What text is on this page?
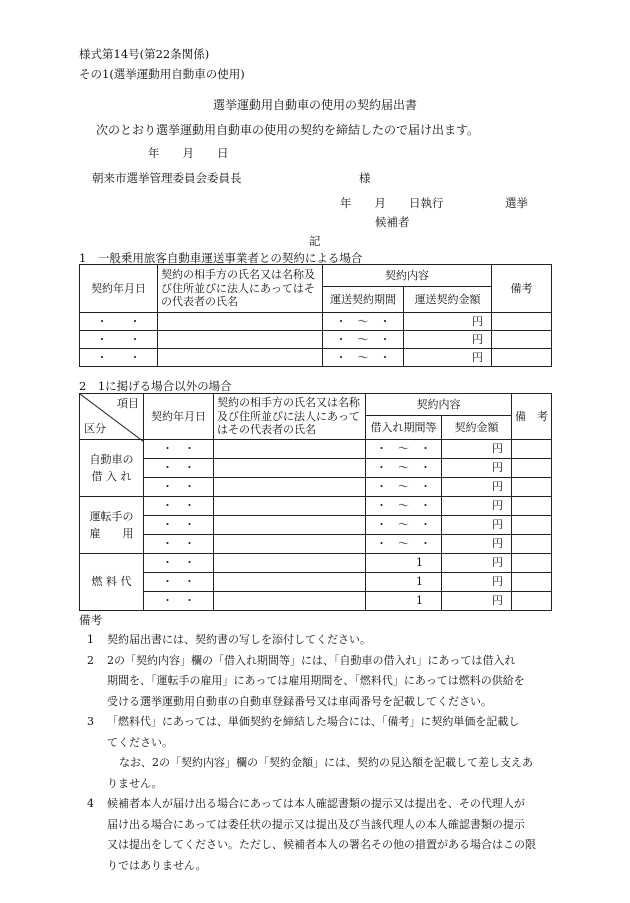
様式第14号(第22条関係)
その1(選挙運動用自動車の使用)
選挙運動用自動車の使用の契約届出書
次のとおり選挙運動用自動車の使用の契約を締結したので届け出ます。
年　　月　　日
朝来市選挙管理委員会委員長	様
年　　月　　日執行	選挙
候補者
記
1　一般乗用旅客自動車運送事業者との契約による場合
契約年月日	契約の相手方の氏名又は名称及び住所並びに法人にあってはその代表者の氏名	契約内容		備考
		運送契約期間	運送契約金額	
・　　・		・　～　・	円	
・　　・		・　～　・	円	
・　　・		・　～　・	円	
2　1に掲げる場合以外の場合
項目
区分	契約年月日	契約の相手方の氏名又は名称及び住所並びに法人にあってはその代表者の氏名	契約内容		備　考
			借入れ期間等	契約金額	

自動車の
借 入 れ	・　・		・　～　・	円	
	・　・		・　～　・	円	
	・　・		・　～　・	円	

運転手の
雇　　用	・　・		・　～　・	円	
	・　・		・　～　・	円	
	・　・		・　～　・	円	

燃 料 代	・　・		1	円	
	・　・		1	円	
	・　・		1	円	
備考
1 契約届出書には、契約書の写しを添付してください。
2 2の「契約内容」欄の「借入れ期間等」には、「自動車の借入れ」にあっては借入れ
期間を、「運転手の雇用」にあっては雇用期間を、「燃料代」にあっては燃料の供給を
受ける選挙運動用自動車の自動車登録番号又は車両番号を記載してください。
3 「燃料代」にあっては、単価契約を締結した場合には、「備考」に契約単価を記載し
てください。
なお、2の「契約内容」欄の「契約金額」には、契約の見込額を記載して差し支えあ
りません。
4 候補者本人が届け出る場合にあっては本人確認書類の提示又は提出を、その代理人が
届け出る場合にあっては委任状の提示又は提出及び当該代理人の本人確認書類の提示
又は提出をしてください。ただし、候補者本人の署名その他の措置がある場合はこの限
りではありません。
